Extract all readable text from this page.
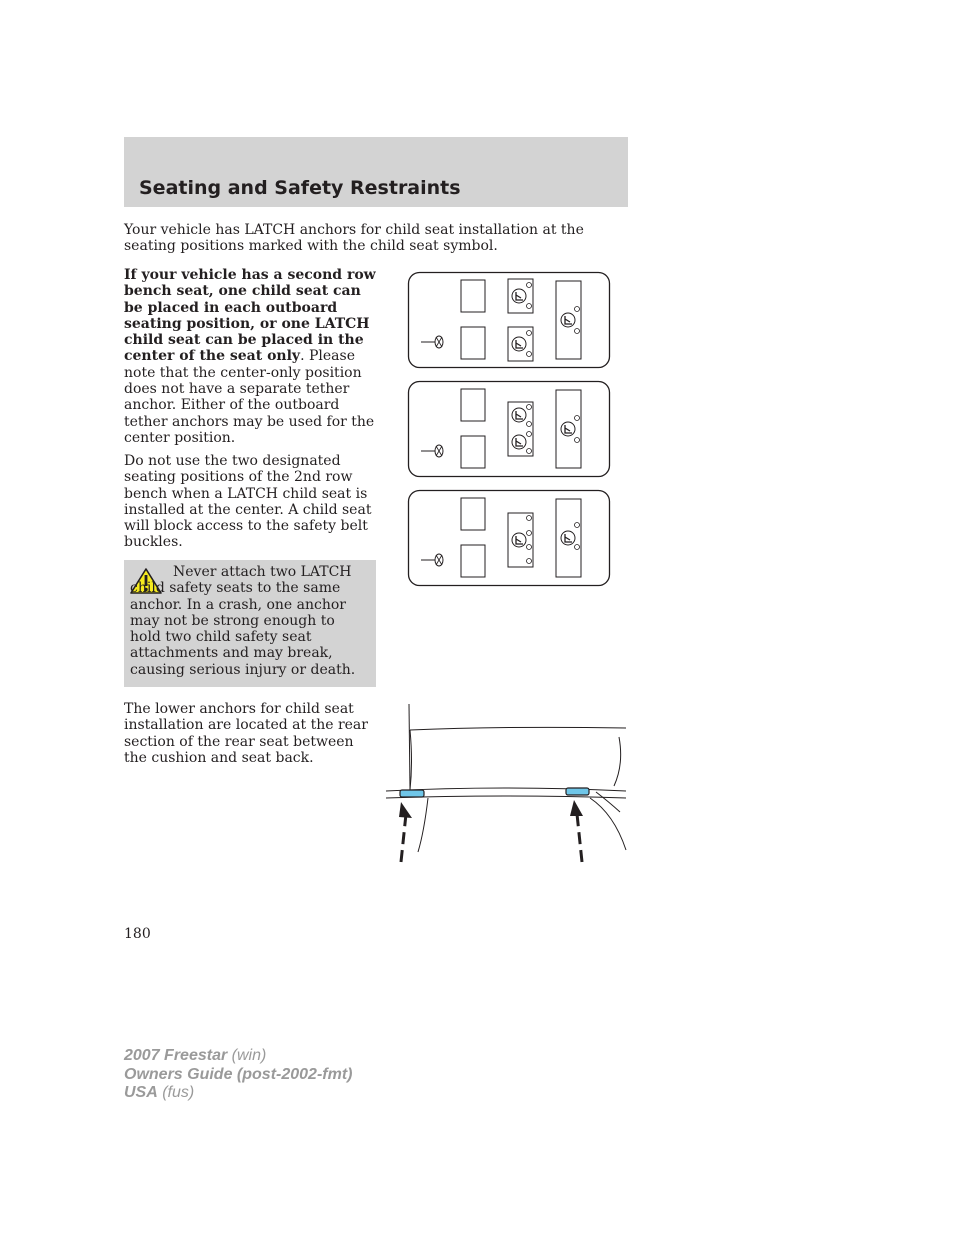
Seating and Safety Restraints

Your vehicle has LATCH anchors for child seat installation at the seating positions marked with the child seat symbol.

If your vehicle has a second row bench seat, one child seat can be placed in each outboard seating position, or one LATCH child seat can be placed in the center of the seat only. Please note that the center-only position does not have a separate tether anchor. Either of the outboard tether anchors may be used for the center position.

Do not use the two designated seating positions of the 2nd row bench when a LATCH child seat is installed at the center. A child seat will block access to the safety belt buckles.

Never attach two LATCH child safety seats to the same anchor. In a crash, one anchor may not be strong enough to hold two child safety seat attachments and may break, causing serious injury or death.

The lower anchors for child seat installation are located at the rear section of the rear seat between the cushion and seat back.

180

2007 Freestar (win)
Owners Guide (post-2002-fmt)
USA (fus)
